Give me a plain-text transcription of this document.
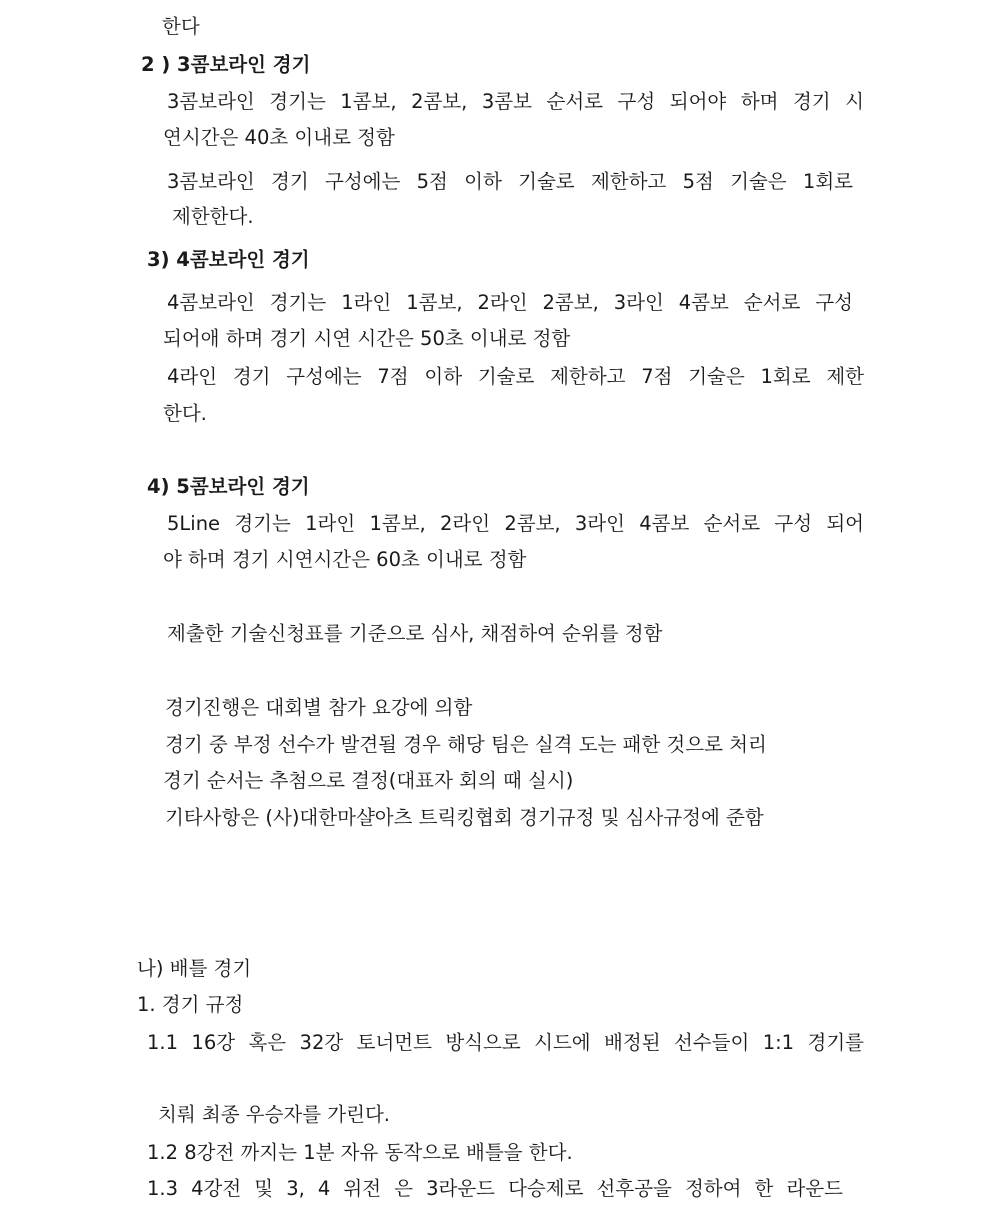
한다

2 ) 3콤보라인 경기

3콤보라인 경기는 1콤보, 2콤보, 3콤보 순서로 구성 되어야 하며 경기 시

연시간은 40초 이내로 정함

3콤보라인 경기 구성에는 5점 이하 기술로 제한하고 5점 기술은 1회로

제한한다.

3) 4콤보라인 경기

4콤보라인 경기는 1라인 1콤보, 2라인 2콤보, 3라인 4콤보 순서로 구성

되어애 하며 경기 시연 시간은 50초 이내로 정함

4라인 경기 구성에는 7점 이하 기술로 제한하고 7점 기술은 1회로 제한

한다.

4) 5콤보라인 경기

5Line 경기는 1라인 1콤보, 2라인 2콤보, 3라인 4콤보 순서로 구성 되어

야 하며 경기 시연시간은 60초 이내로 정함

제출한 기술신청표를 기준으로 심사, 채점하여 순위를 정함

경기진행은 대회별 참가 요강에 의함

경기 중 부정 선수가 발견될 경우 해당 팀은 실격 도는 패한 것으로 처리

경기 순서는 추첨으로 결정(대표자 회의 때 실시)

기타사항은 (사)대한마샬아츠 트릭킹협회 경기규정 및 심사규정에 준함

나) 배틀 경기

1. 경기 규정

1.1 16강 혹은 32강 토너먼트 방식으로 시드에 배정된 선수들이 1:1 경기를

치뤄 최종 우승자를 가린다.

1.2 8강전 까지는 1분 자유 동작으로 배틀을 한다.

1.3 4강전 및 3, 4 위전 은 3라운드 다승제로 선후공을 정하여 한 라운드
